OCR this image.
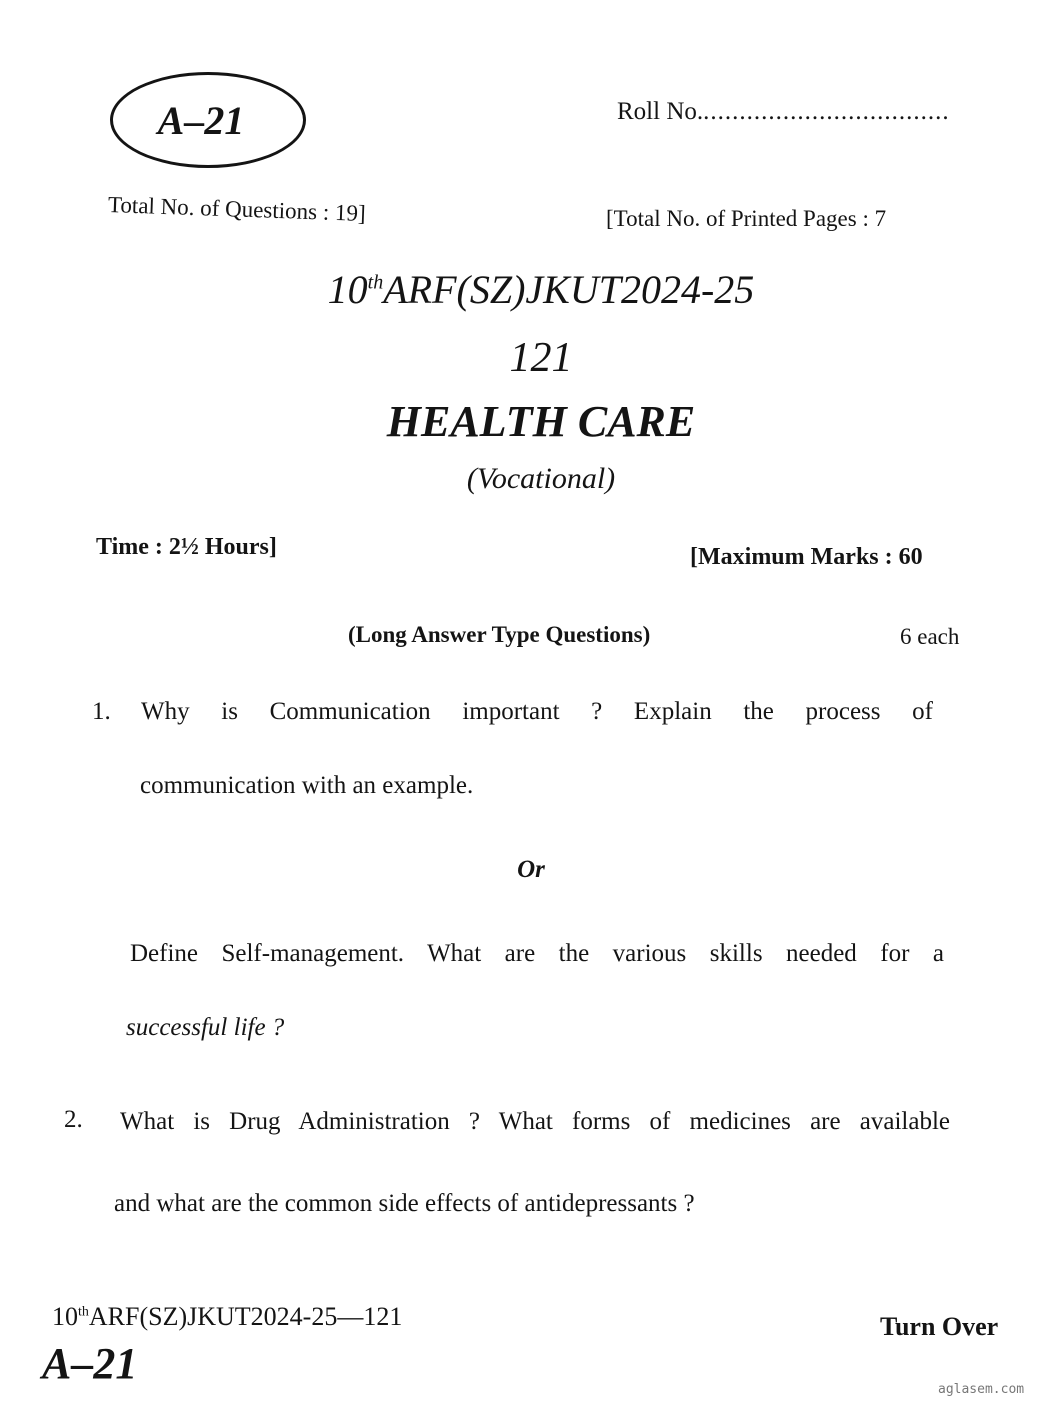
A–21	Roll No...................................
Total No. of Questions : 19]	[Total No. of Printed Pages : 7
10thARF(SZ)JKUT2024-25
121
HEALTH CARE
(Vocational)
Time : 2½ Hours]	[Maximum Marks : 60
(Long Answer Type Questions)	6 each
1. Why is Communication important ? Explain the process of
communication with an example.
Or
Define Self-management. What are the various skills needed for a
successful life ?
2. What is Drug Administration ? What forms of medicines are available
and what are the common side effects of antidepressants ?
10thARF(SZ)JKUT2024-25—121	Turn Over
A–21
aglasem.com
